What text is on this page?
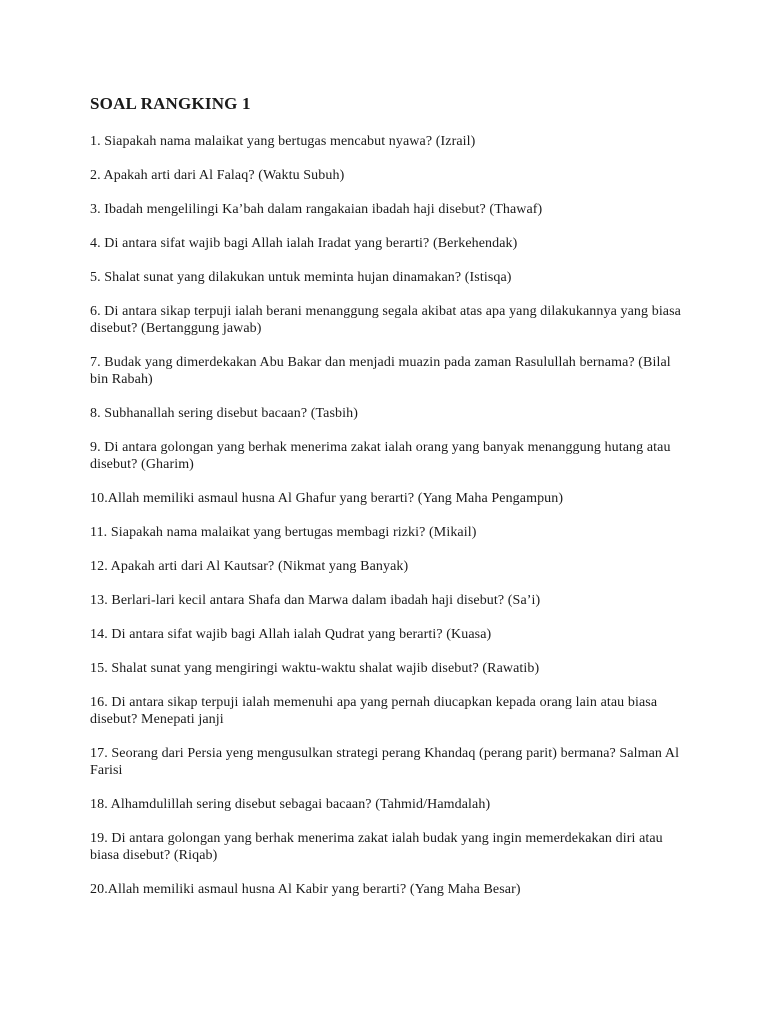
SOAL RANGKING 1
1. Siapakah nama malaikat yang bertugas mencabut nyawa? (Izrail)
2. Apakah arti dari Al Falaq? (Waktu Subuh)
3. Ibadah mengelilingi Ka’bah dalam rangakaian ibadah haji disebut? (Thawaf)
4. Di antara sifat wajib bagi Allah ialah Iradat yang berarti? (Berkehendak)
5. Shalat sunat yang dilakukan untuk meminta hujan dinamakan? (Istisqa)
6. Di antara sikap terpuji ialah berani menanggung segala akibat atas apa yang dilakukannya yang biasa disebut? (Bertanggung jawab)
7. Budak yang dimerdekakan Abu Bakar dan menjadi muazin pada zaman Rasulullah bernama? (Bilal bin Rabah)
8. Subhanallah sering disebut bacaan? (Tasbih)
9. Di antara golongan yang berhak menerima zakat ialah orang yang banyak menanggung hutang atau disebut? (Gharim)
10.Allah memiliki asmaul husna Al Ghafur yang berarti? (Yang Maha Pengampun)
11. Siapakah nama malaikat yang bertugas membagi rizki? (Mikail)
12. Apakah arti dari Al Kautsar? (Nikmat yang Banyak)
13. Berlari-lari kecil antara Shafa dan Marwa dalam ibadah haji disebut? (Sa’i)
14. Di antara sifat wajib bagi Allah ialah Qudrat yang berarti? (Kuasa)
15. Shalat sunat yang mengiringi waktu-waktu shalat wajib disebut? (Rawatib)
16. Di antara sikap terpuji ialah memenuhi apa yang pernah diucapkan kepada orang lain atau biasa disebut? Menepati janji
17. Seorang dari Persia yeng mengusulkan strategi perang Khandaq (perang parit) bermana? Salman Al Farisi
18. Alhamdulillah sering disebut sebagai bacaan? (Tahmid/Hamdalah)
19. Di antara golongan yang berhak menerima zakat ialah budak yang ingin memerdekakan diri atau biasa disebut? (Riqab)
20.Allah memiliki asmaul husna Al Kabir yang berarti? (Yang Maha Besar)
